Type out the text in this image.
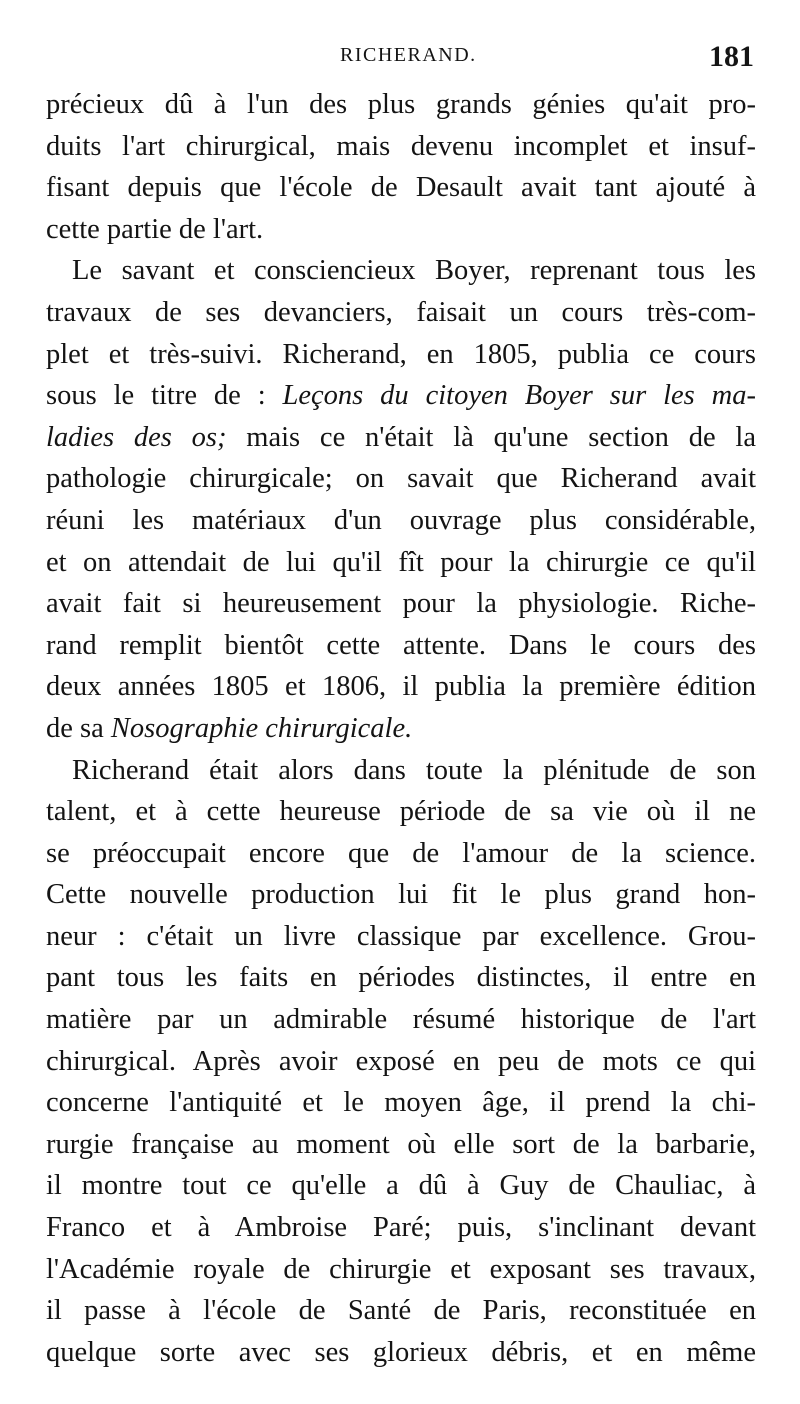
RICHERAND.	181
précieux dû à l'un des plus grands génies qu'ait pro-
duits l'art chirurgical, mais devenu incomplet et insuf-
fisant depuis que l'école de Desault avait tant ajouté à
cette partie de l'art.
Le savant et consciencieux Boyer, reprenant tous les
travaux de ses devanciers, faisait un cours très-com-
plet et très-suivi. Richerand, en 1805, publia ce cours
sous le titre de : Leçons du citoyen Boyer sur les ma-
ladies des os; mais ce n'était là qu'une section de la
pathologie chirurgicale; on savait que Richerand avait
réuni les matériaux d'un ouvrage plus considérable,
et on attendait de lui qu'il fît pour la chirurgie ce qu'il
avait fait si heureusement pour la physiologie. Riche-
rand remplit bientôt cette attente. Dans le cours des
deux années 1805 et 1806, il publia la première édition
de sa Nosographie chirurgicale.
Richerand était alors dans toute la plénitude de son
talent, et à cette heureuse période de sa vie où il ne
se préoccupait encore que de l'amour de la science.
Cette nouvelle production lui fit le plus grand hon-
neur : c'était un livre classique par excellence. Grou-
pant tous les faits en périodes distinctes, il entre en
matière par un admirable résumé historique de l'art
chirurgical. Après avoir exposé en peu de mots ce qui
concerne l'antiquité et le moyen âge, il prend la chi-
rurgie française au moment où elle sort de la barbarie,
il montre tout ce qu'elle a dû à Guy de Chauliac, à
Franco et à Ambroise Paré; puis, s'inclinant devant
l'Académie royale de chirurgie et exposant ses travaux,
il passe à l'école de Santé de Paris, reconstituée en
quelque sorte avec ses glorieux débris, et en même
